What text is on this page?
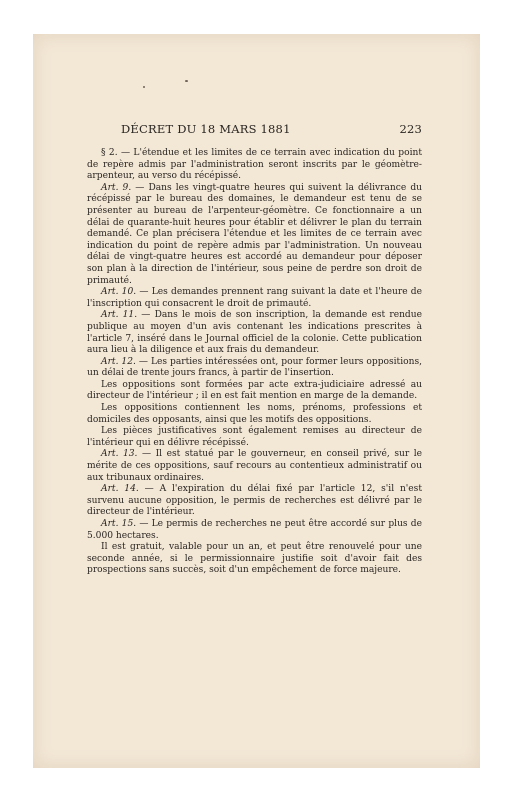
DÉCRET DU 18 MARS 1881	223

§ 2. — L'étendue et les limites de ce terrain avec indication du point de repère admis par l'administration seront inscrits par le géomètre-arpenteur, au verso du récépissé.

Art. 9. — Dans les vingt-quatre heures qui suivent la délivrance du récépissé par le bureau des domaines, le demandeur est tenu de se présenter au bureau de l'arpenteur-géomètre. Ce fonctionnaire a un délai de quarante-huit heures pour établir et délivrer le plan du terrain demandé. Ce plan précisera l'étendue et les limites de ce terrain avec indication du point de repère admis par l'administration. Un nouveau délai de vingt-quatre heures est accordé au demandeur pour déposer son plan à la direction de l'intérieur, sous peine de perdre son droit de primauté.

Art. 10. — Les demandes prennent rang suivant la date et l'heure de l'inscription qui consacrent le droit de primauté.

Art. 11. — Dans le mois de son inscription, la demande est rendue publique au moyen d'un avis contenant les indications prescrites à l'article 7, inséré dans le Journal officiel de la colonie. Cette publication aura lieu à la diligence et aux frais du demandeur.

Art. 12. — Les parties intéressées ont, pour former leurs oppositions, un délai de trente jours francs, à partir de l'insertion.

Les oppositions sont formées par acte extra-judiciaire adressé au directeur de l'intérieur ; il en est fait mention en marge de la demande.

Les oppositions contiennent les noms, prénoms, professions et domiciles des opposants, ainsi que les motifs des oppositions.

Les pièces justificatives sont également remises au directeur de l'intérieur qui en délivre récépissé.

Art. 13. — Il est statué par le gouverneur, en conseil privé, sur le mérite de ces oppositions, sauf recours au contentieux administratif ou aux tribunaux ordinaires.

Art. 14. — A l'expiration du délai fixé par l'article 12, s'il n'est survenu aucune opposition, le permis de recherches est délivré par le directeur de l'intérieur.

Art. 15. — Le permis de recherches ne peut être accordé sur plus de 5.000 hectares.

Il est gratuit, valable pour un an, et peut être renouvelé pour une seconde année, si le permissionnaire justifie soit d'avoir fait des prospections sans succès, soit d'un empêchement de force majeure.
